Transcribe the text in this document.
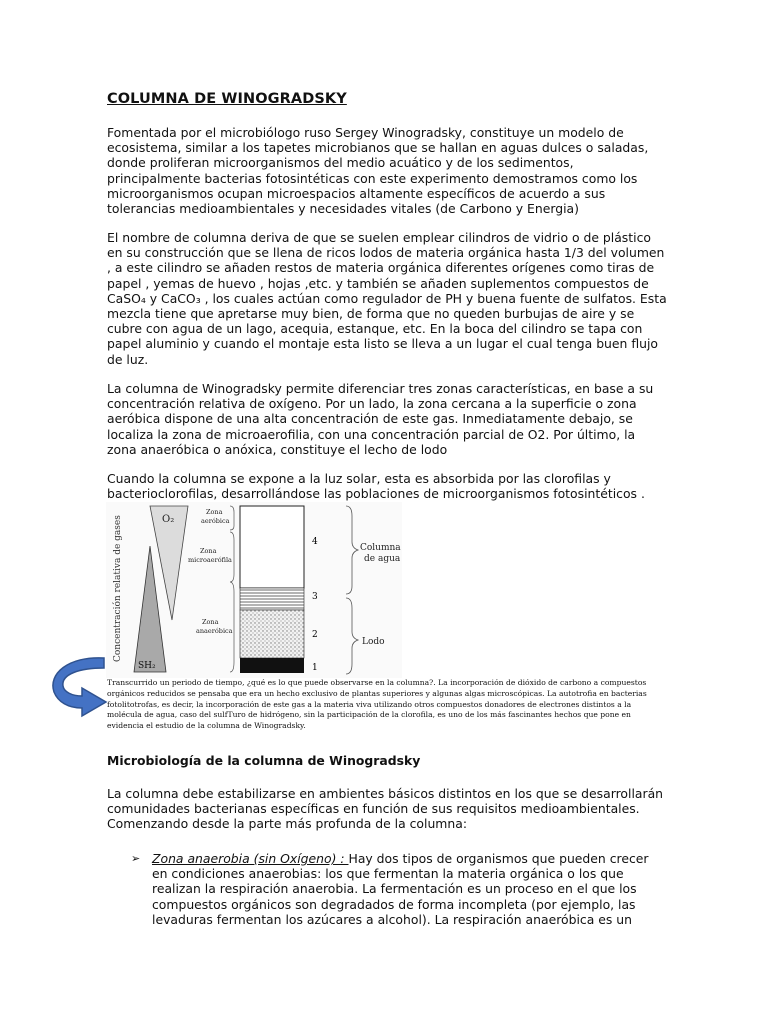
COLUMNA DE WINOGRADSKY

Fomentada por el microbiólogo ruso Sergey Winogradsky, constituye un modelo de ecosistema, similar a los tapetes microbianos que se hallan en aguas dulces o saladas, donde proliferan microorganismos del medio acuático y de los sedimentos, principalmente bacterias fotosintéticas con este experimento demostramos como los microorganismos ocupan microespacios altamente específicos de acuerdo a sus tolerancias medioambientales y necesidades vitales (de Carbono y Energia)

El nombre de columna deriva de que se suelen emplear cilindros de vidrio o de plástico en su construcción que se llena de ricos lodos de materia orgánica hasta 1/3 del volumen , a este cilindro se añaden restos de materia orgánica diferentes orígenes como tiras de papel , yemas de huevo , hojas ,etc. y también se añaden suplementos compuestos de CaSO₄ y CaCO₃ , los cuales actúan como regulador de PH y buena fuente de sulfatos. Esta mezcla tiene que apretarse muy bien, de forma que no queden burbujas de aire y se cubre con agua de un lago, acequia, estanque, etc. En la boca del cilindro se tapa con papel aluminio y cuando el montaje esta listo se lleva a un lugar el cual tenga buen flujo de luz.

La columna de Winogradsky permite diferenciar tres zonas características, en base a su concentración relativa de oxígeno. Por un lado, la zona cercana a la superficie o zona aeróbica dispone de una alta concentración de este gas. Inmediatamente debajo, se localiza la zona de microaerofilia, con una concentración parcial de O2. Por último, la zona anaeróbica o anóxica, constituye el lecho de lodo

Cuando la columna se expone a la luz solar, esta es absorbida por las clorofilas y bacterioclorofilas, desarrollándose las poblaciones de microorganismos fotosintéticos .

Concentración relativa de gases	O₂
SH₂
Zona aeróbica
Zona microaerófila
Zona anaeróbica
4
3
2
1
Columna de agua
Lodo

Transcurrido un periodo de tiempo, ¿qué es lo que puede observarse en la columna?. La incorporación de dióxido de carbono a compuestos orgánicos reducidos se pensaba que era un hecho exclusivo de plantas superiores y algunas algas microscópicas. La autotrofia en bacterias fotolitotrofas, es decir, la incorporación de este gas a la materia viva utilizando otros compuestos donadores de electrones distintos a la molécula de agua, caso del sulfTuro de hidrógeno, sin la participación de la clorofila, es uno de los más fascinantes hechos que pone en evidencia el estudio de la columna de Winogradsky.

Microbiología de la columna de Winogradsky

La columna debe estabilizarse en ambientes básicos distintos en los que se desarrollarán comunidades bacterianas específicas en función de sus requisitos medioambientales. Comenzando desde la parte más profunda de la columna:

➢ Zona anaerobia (sin Oxígeno) : Hay dos tipos de organismos que pueden crecer en condiciones anaerobias: los que fermentan la materia orgánica o los que realizan la respiración anaerobia. La fermentación es un proceso en el que los compuestos orgánicos son degradados de forma incompleta (por ejemplo, las levaduras fermentan los azúcares a alcohol). La respiración anaeróbica es un
